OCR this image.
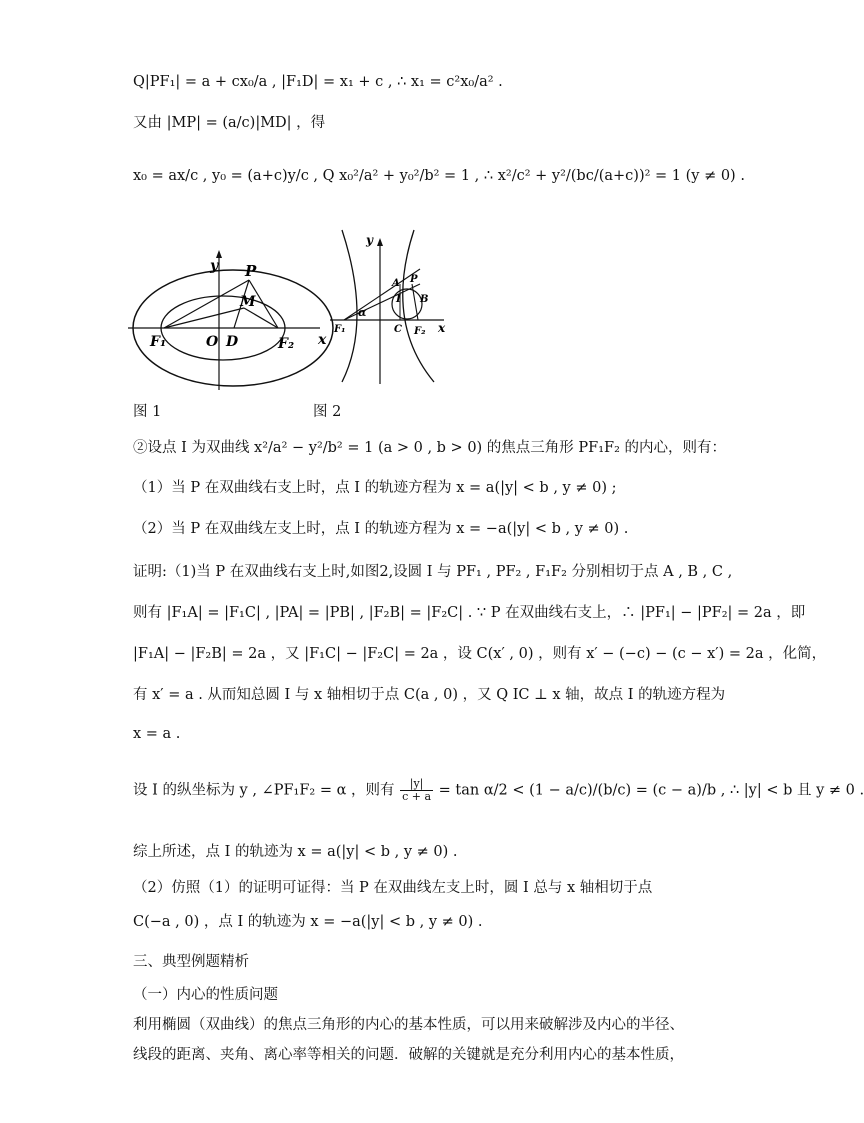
Q|PF₁| = a + cx₀/a , |F₁D| = x₁ + c , ∴ x₁ = c²x₀/a² .
又由 |MP| = (a/c)|MD| ，得
x₀ = ax/c , y₀ = (a+c)y/c , Q x₀²/a² + y₀²/b² = 1 , ∴ x²/c² + y²/(bc/(a+c))² = 1 (y ≠ 0) .
y
x
P
M
O D
F₁	F₂
y
x
A P
I B
C
F₁	F₂
α
图 1	图 2
②设点 I 为双曲线 x²/a² − y²/b² = 1 (a > 0 , b > 0) 的焦点三角形 PF₁F₂ 的内心，则有：
（1）当 P 在双曲线右支上时，点 I 的轨迹方程为 x = a(|y| < b , y ≠ 0) ;
（2）当 P 在双曲线左支上时，点 I 的轨迹方程为 x = −a(|y| < b , y ≠ 0) .
证明:（1)当 P 在双曲线右支上时,如图2,设圆 I 与 PF₁ , PF₂ , F₁F₂ 分别相切于点 A , B , C ,
则有 |F₁A| = |F₁C| , |PA| = |PB| , |F₂B| = |F₂C| . ∵ P 在双曲线右支上，∴ |PF₁| − |PF₂| = 2a ，即
|F₁A| − |F₂B| = 2a ，又 |F₁C| − |F₂C| = 2a ，设 C(x′ , 0) ，则有 x′ − (−c) − (c − x′) = 2a ，化简，
有 x′ = a . 从而知总圆 I 与 x 轴相切于点 C(a , 0) ，又 Q IC ⊥ x 轴，故点 I 的轨迹方程为
x = a .
设 I 的纵坐标为 y , ∠PF₁F₂ = α ，则有 $\frac{|y|}{c + a} = \tan \alpha/2 < (1 - a/c)/(b/c) = (c - a)/b$ , ∴ |y| < b 且 y ≠ 0 .
综上所述，点 I 的轨迹为 x = a(|y| < b , y ≠ 0) .
（2）仿照（1）的证明可证得：当 P 在双曲线左支上时，圆 I 总与 x 轴相切于点
C(−a , 0) ，点 I 的轨迹为 x = −a(|y| < b , y ≠ 0) .
三、典型例题精析
（一）内心的性质问题
利用椭圆（双曲线）的焦点三角形的内心的基本性质，可以用来破解涉及内心的半径、
线段的距离、夹角、离心率等相关的问题．破解的关键就是充分利用内心的基本性质，
